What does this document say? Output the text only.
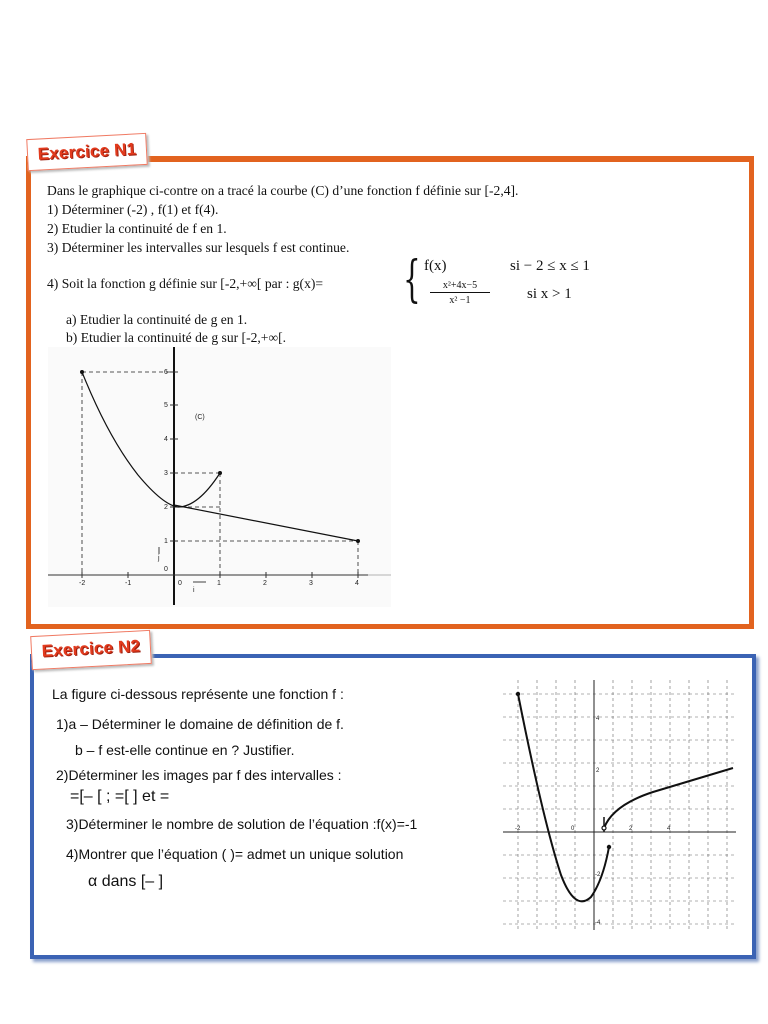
Exercice N1
Dans le graphique ci-contre on a tracé la courbe (C) d’une fonction f définie sur [-2,4].
1) Déterminer (-2) , f(1) et f(4).
2) Etudier la continuité de f en 1.
3) Déterminer les intervalles sur lesquels f est continue.
4) Soit la fonction g définie sur [-2,+∞[ par : g(x)= { f(x)	si − 2 ≤ x ≤ 1
x²+4x−5
x² −1	si x > 1
a) Etudier la continuité de g en 1.
b) Etudier la continuité de g sur [-2,+∞[.
-2	-1	0	1	2	3	4
1
2
3
4
5
6
0
(C)
i
j
Exercice N2
La figure ci-dessous représente une fonction f :
1)a – Déterminer le domaine de définition de f.
b – f est-elle continue en ? Justifier.
2)Déterminer les images par f des intervalles :
=[– [ ; =[ ] et =
3)Déterminer le nombre de solution de l’équation :f(x)=-1
4)Montrer que l’équation ( )= admet un unique solution
α dans [– ]
-2	0	2	4
4
2
-2
-4
